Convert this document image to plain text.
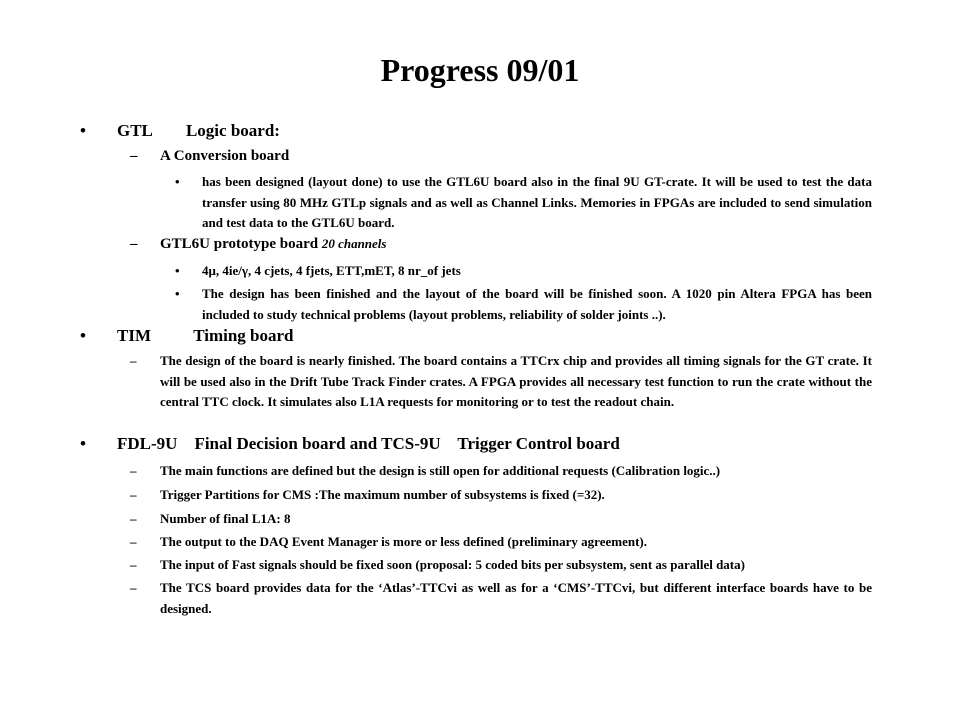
Progress 09/01
• GTL        Logic board:
– A Conversion board
• has been designed (layout done) to use the GTL6U board also in the final 9U GT-crate. It will be used to test the data transfer using 80 MHz GTLp signals and as well as Channel Links. Memories in FPGAs are included to send simulation and test data to the GTL6U board.
– GTL6U prototype board 20 channels
• 4μ, 4ie/γ, 4 cjets, 4 fjets, ETT,mET, 8 nr_of jets
• The design has been finished and the layout of the board will be finished soon. A 1020 pin Altera FPGA has been included to study technical problems (layout problems, reliability of solder joints ..).
• TIM          Timing board
– The design of the board is nearly finished. The board contains a TTCrx chip and provides all timing signals for the GT crate. It will be used also in the Drift Tube Track Finder crates. A FPGA provides all necessary test function to run the crate without the central TTC clock. It simulates also L1A requests for monitoring or to test the readout chain.
• FDL-9U    Final Decision board and TCS-9U    Trigger Control board
– The main functions are defined but the design is still open for additional requests (Calibration logic..)
– Trigger Partitions for CMS :The maximum number of subsystems is fixed (=32).
– Number of final L1A: 8
– The output to the DAQ Event Manager is more or less defined (preliminary agreement).
– The input of Fast signals should be fixed soon (proposal: 5 coded bits per subsystem, sent as parallel data)
– The TCS board provides data for the ‘Atlas’-TTCvi as well as for a ‘CMS’-TTCvi, but different interface boards have to be designed.
